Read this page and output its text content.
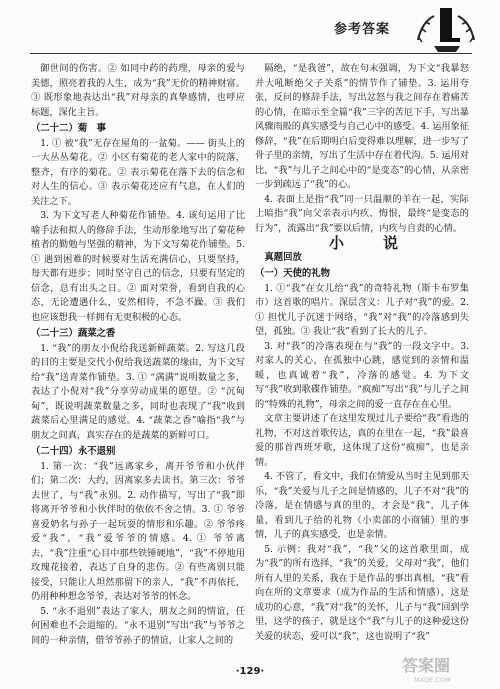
参考答案

御世间的伤害。② 如同中药的药理，母亲的爱与美德，照亮着我的人生，成为“我”无价的精神财富。③ 既形象地表达出“我”对母亲的真挚感情，也呼应标题，深化主旨。

（二十二）菊　事

1. ① 被“我”无存在屋角的一盆菊。—— 街头上的一大丛丛菊花。② 小区有菊花的老人家中的院落，整齐，有序的菊花。② 表示菊花在落下去的信念和对人生的信心。③ 表示菊花还应有气息，在人们的关注之下。

3. 为下文写老人种菊花作铺垫。4. 该句运用了比喻手法和拟人的修辞手法，生动形象地写出了菊花种植者的勤勉与坚强的精神，为下文写菊花作铺垫。5. ① 遇到困难的时候要对生活充满信心，只要坚持，每天都有进步；同时坚守自己的信念，只要有坚定的信念，总有出头之日。② 面对荣誉，看到自我的心态，无论遭遇什么，安然相待，不急不躁。③ 我们也应该想我一样拥有无更积极的心态。

（二十三）蔬菜之香

1. “我”的朋友小倪给我送新鲜蔬菜。2. 写这几段的目的主要是交代小倪给我送蔬菜的缘由，为下文写给“我”送青菜作铺垫。3. ① “满满”说明数量之多，表达了小倪对“我”分享劳动成果的愿望。② “沉甸甸”，既说明蔬菜数量之多，同时也表现了“我”收到蔬菜后心里满足的感觉。4. “蔬菜之香”喻指“我”与朋友之间真，真实存在的是蔬菜的新鲜可口。

（二十四）永不退别

1. 第一次：“我”远离家乡，离开爷爷和小伙伴们；第二次：大约，因离家多去读书。第三次：爷爷去世了，与“我”永别。2. 动作描写，写出了“我”即将离开爷爷和小伙伴时的依依不舍之情。3. ① 爷爷喜爱奶名与孙子一起玩耍的情形和乐趣。② 爷爷疼爱“我”，“我”爱爷爷的情感。4. ① 爷爷离去，“我”注重“心目中那些铁锤硬地”，“我”不停地用玫瑰花接着，表达了自身的悲伤。② 有些离别只能接受，只能让人坦然那留下的亲人，“我”不再依托，仍用种种想念爷爷，表达对爷爷的怀念。

5. “永不退别”表达了家人，朋友之间的情谊，任何困难也不会退缩的。“永不退别”写出“我”与爷爷之间的一种亲情，借爷爷孙子的情谊，让家人之间的

隔绝，“是我爸”，故在句末强调，为下文“我暴怒并大吼断绝父子关系”的情节作了铺垫。3. 运用夸张，反问的修辞手法，写出忿怒与我之间存在着痛苦的心情，在暗示至全篇“我”三字的苦厄下手，写出暴风骤雨般的真实感受与自己心中的感受。4. 运用象征修辞，“我”在后期明白后变得难以理解，进一步写了骨子里的亲情，写出了生活中存在着代沟。5. 运用对比，“我”与儿子之间心中的“是变态”的心情，从亲密一步到疏远了“我”的心。

4. 表面上是指“我”同一只温顺的羊在一起，实际上暗指“我”向父亲表示内疚、悔恨，最终“是变态的行为”，流露出“我”要以后情，内疚与自责的心情。

小　说

真题回放

（一）天使的礼物

1. ①“我”在女儿给“我”的奇特礼物（斯卡布罗集市）这首歌的唱片。深层含义：儿子对“我”的爱。2. ① 担忧儿子沉迷于网络，“我”对“我”的冷落感到失望，孤独。③ 我让“我”看到了长大的儿子。

3. 对“我”的冷落表现在与“我”的一段文字中。3. 对家人的关心，在孤独中心跳，感觉到的亲情和温暖，也真诚着“我”，冷落的感觉。4. 为下文写“我”收到歌碟作铺垫。“疯痴”写出“我”与儿子之间的“特殊的礼物”，母亲之间的爱一直存在在心里。

文章主要讲述了在这里发现过儿子要给“我”看选的礼物，不对这首歌传达，真的在里在一起，“我”最喜爱的那首西班牙歌，这体现了这份“疯痴”，也是亲情。

4. 不管了，看文中，我们在情爱从当时主见到那天乐，“我”关爱与儿子之间是情感的，儿子不对“我”的冷落，是在情感与真的里的，才会是“我”，儿子体量，看到儿子给的礼物（小卖部的小商铺）里的事情，儿子的真实感受，也是亲情。

5. 示例：我对“我”，“我”父的这首歌里面，成为“我”的所有选择，“我”的关爱，父母对“我”，他们所有人里的关系，我在于是作品的事出真相，“我”看向在所的文章要求（成为作品的生活和情感），这是成功的心意，“我”对“我”的关怀，儿子与“我”回到学里，这学的孩子，就是这个“我”与儿子的这种爱这份关爱的状态，爱可以“我”，这也说明了“我”

·129·	答案圈
MXQE.COM
